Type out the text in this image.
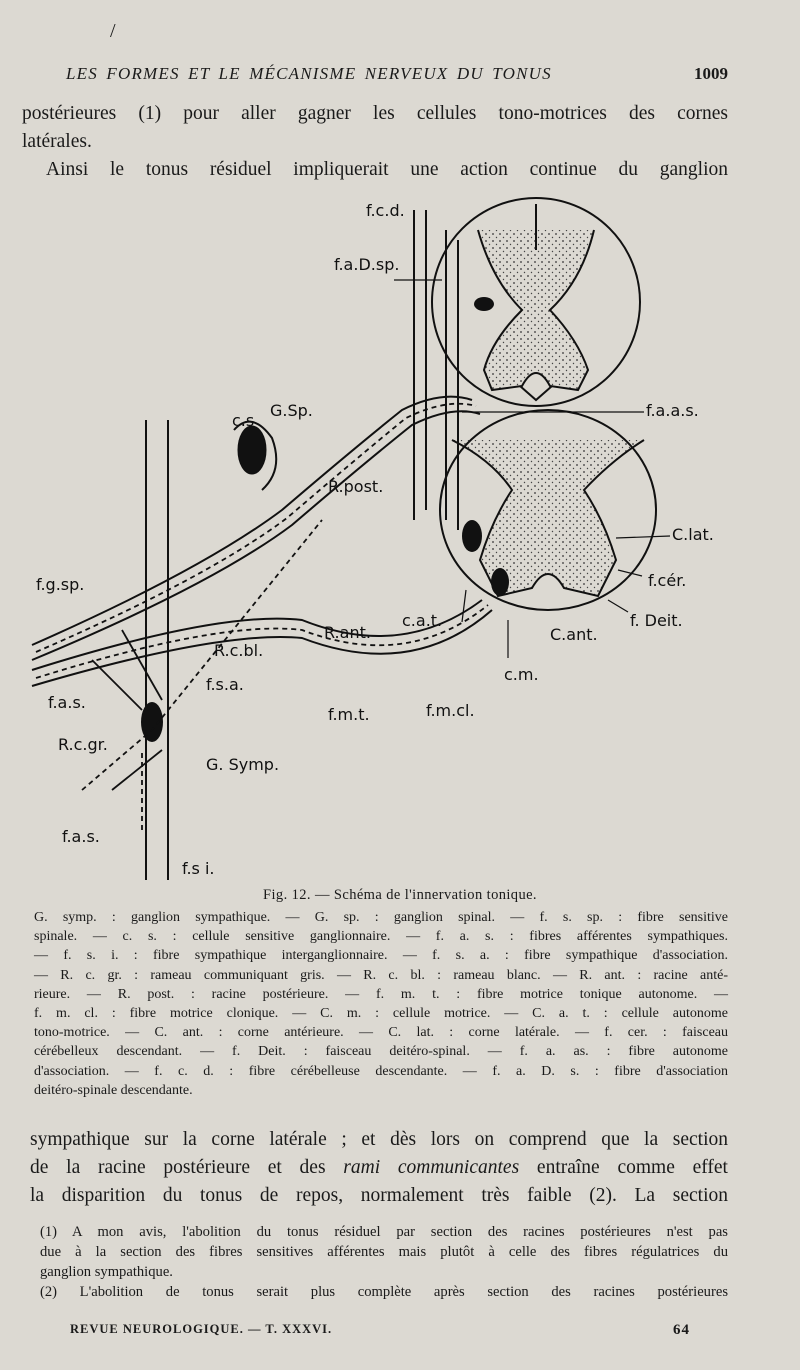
/
LES FORMES ET LE MÉCANISME NERVEUX DU TONUS	1009

postérieures (1) pour aller gagner les cellules tono-motrices des cornes

latérales.

Ainsi le tonus résiduel impliquerait une action continue du ganglion

f.c.d.
f.a.D.sp.
f.a.a.s.
c.s
G.Sp.
R.post.
C.lat.
f.cér.
f. Deit.
f.g.sp.
R.ant.
c.a.t.
C.ant.
c.m.
R.c.bl.
f.s.a.
f.a.s.
R.c.gr.
G. Symp.
f.m.t.	f.m.cl.
f.a.s.
f.s i.
Fig. 12. — Schéma de l'innervation tonique.

G. symp. : ganglion sympathique. — G. sp. : ganglion spinal. — f. s. sp. : fibre sensitive

spinale. — c. s. : cellule sensitive ganglionnaire. — f. a. s. : fibres afférentes sympathiques.

— f. s. i. : fibre sympathique interganglionnaire. — f. s. a. : fibre sympathique d'association.

— R. c. gr. : rameau communiquant gris. — R. c. bl. : rameau blanc. — R. ant. : racine anté-

rieure. — R. post. : racine postérieure. — f. m. t. : fibre motrice tonique autonome. —

f. m. cl. : fibre motrice clonique. — C. m. : cellule motrice. — C. a. t. : cellule autonome

tono-motrice. — C. ant. : corne antérieure. — C. lat. : corne latérale. — f. cer. : faisceau

cérébelleux descendant. — f. Deit. : faisceau deitéro-spinal. — f. a. as. : fibre autonome

d'association. — f. c. d. : fibre cérébelleuse descendante. — f. a. D. s. : fibre d'association

deitéro-spinale descendante.

sympathique sur la corne latérale ; et dès lors on comprend que la section

de la racine postérieure et des rami communicantes entraîne comme effet

la disparition du tonus de repos, normalement très faible (2). La section

(1) A mon avis, l'abolition du tonus résiduel par section des racines postérieures n'est pas

due à la section des fibres sensitives afférentes mais plutôt à celle des fibres régulatrices du

ganglion sympathique.

(2) L'abolition de tonus serait plus complète après section des racines postérieures

REVUE NEUROLOGIQUE. — T. XXXVI.	64
